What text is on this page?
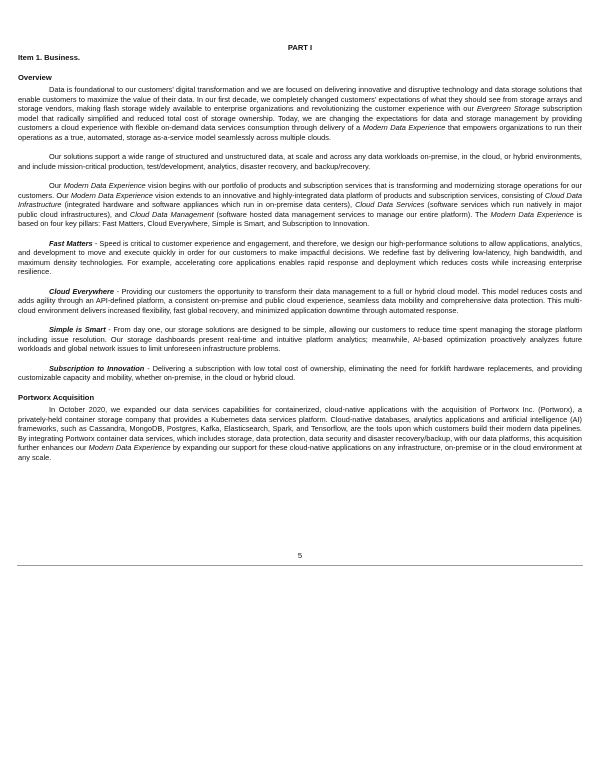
PART I
Item 1. Business.
Overview

Data is foundational to our customers’ digital transformation and we are focused on delivering innovative and disruptive technology and data storage solutions that enable customers to maximize the value of their data. In our first decade, we completely changed customers’ expectations of what they should see from storage arrays and storage vendors, making flash storage widely available to enterprise organizations and revolutionizing the customer experience with our Evergreen Storage subscription model that radically simplified and reduced total cost of storage ownership. Today, we are changing the expectations for data and storage management by providing customers a cloud experience with flexible on-demand data services consumption through delivery of a Modern Data Experience that empowers organizations to run their operations as a true, automated, storage as-a-service model seamlessly across multiple clouds.

Our solutions support a wide range of structured and unstructured data, at scale and across any data workloads on-premise, in the cloud, or hybrid environments, and include mission-critical production, test/development, analytics, disaster recovery, and backup/recovery.

Our Modern Data Experience vision begins with our portfolio of products and subscription services that is transforming and modernizing storage operations for our customers. Our Modern Data Experience vision extends to an innovative and highly-integrated data platform of products and subscription services, consisting of Cloud Data Infrastructure (integrated hardware and software appliances which run in on-premise data centers), Cloud Data Services (software services which run natively in major public cloud infrastructures), and Cloud Data Management (software hosted data management services to manage our entire platform). The Modern Data Experience is based on four key pillars: Fast Matters, Cloud Everywhere, Simple is Smart, and Subscription to Innovation.

Fast Matters - Speed is critical to customer experience and engagement, and therefore, we design our high-performance solutions to allow applications, analytics, and development to move and execute quickly in order for our customers to make impactful decisions. We redefine fast by delivering low-latency, high bandwidth, and maximum density technologies. For example, accelerating core applications enables rapid response and deployment which reduces costs while increasing enterprise resilience.

Cloud Everywhere - Providing our customers the opportunity to transform their data management to a full or hybrid cloud model. This model reduces costs and adds agility through an API-defined platform, a consistent on-premise and public cloud experience, seamless data mobility and comprehensive data protection. This multi-cloud environment delivers increased flexibility, fast global recovery, and minimized application downtime through automated response.

Simple is Smart - From day one, our storage solutions are designed to be simple, allowing our customers to reduce time spent managing the storage platform including issue resolution. Our storage dashboards present real-time and intuitive platform analytics; meanwhile, AI-based optimization proactively analyzes future workloads and global network issues to limit unforeseen infrastructure problems.

Subscription to Innovation - Delivering a subscription with low total cost of ownership, eliminating the need for forklift hardware replacements, and providing customizable capacity and mobility, whether on-premise, in the cloud or hybrid cloud.

Portworx Acquisition

In October 2020, we expanded our data services capabilities for containerized, cloud-native applications with the acquisition of Portworx Inc. (Portworx), a privately-held container storage company that provides a Kubernetes data services platform. Cloud-native databases, analytics applications and artificial intelligence (AI) frameworks, such as Cassandra, MongoDB, Postgres, Kafka, Elasticsearch, Spark, and Tensorflow, are the tools upon which customers build their modern data pipelines. By integrating Portworx container data services, which includes storage, data protection, data security and disaster recovery/backup, with our data platforms, this acquisition further enhances our Modern Data Experience by expanding our support for these cloud-native applications on any infrastructure, on-premise or in the cloud environment at any scale.

5
